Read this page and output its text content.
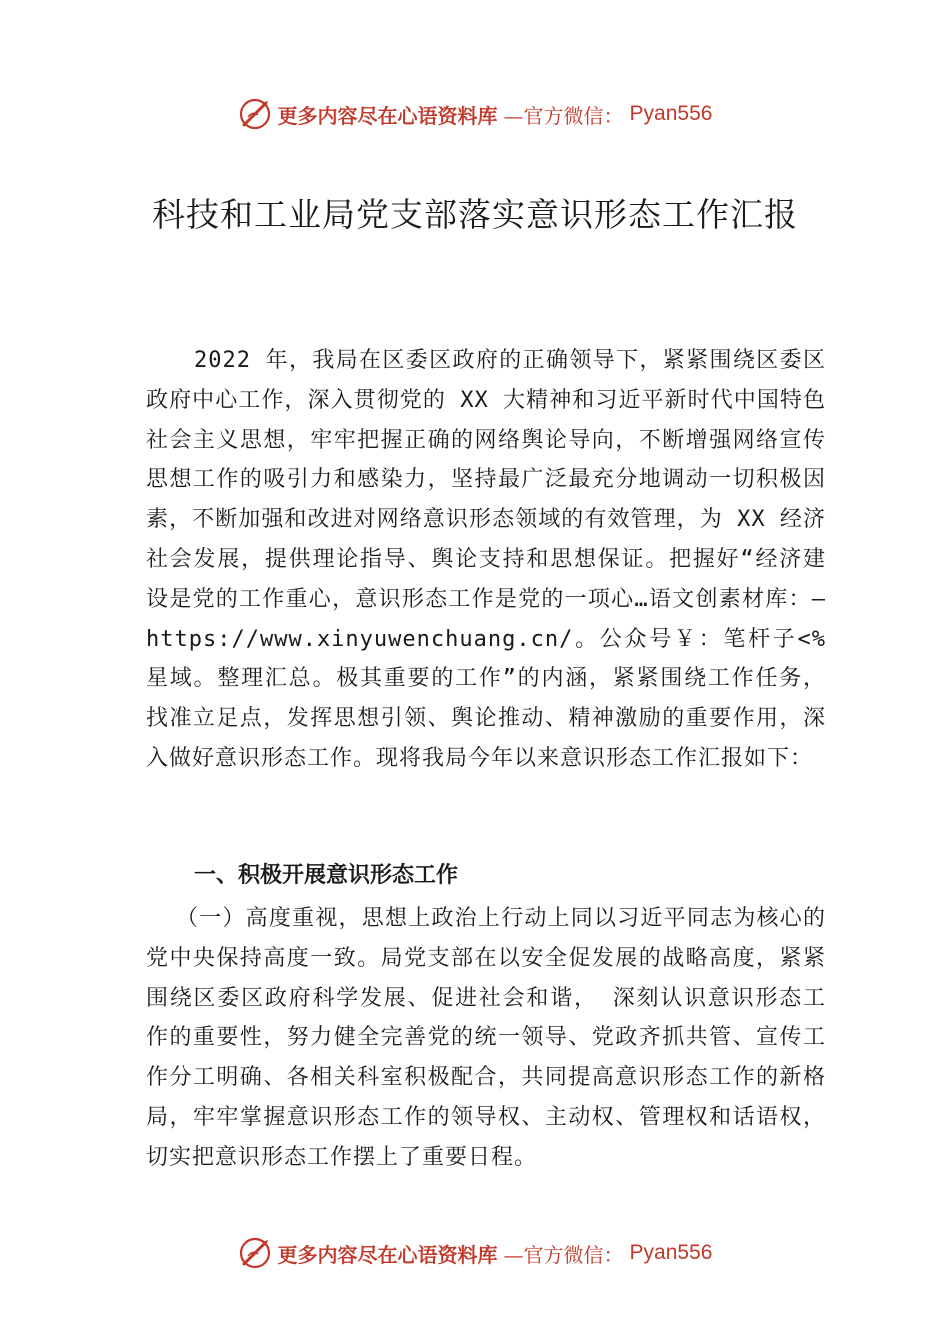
更多内容尽在心语资料库 —官方微信： Pyan556
科技和工业局党支部落实意识形态工作汇报
2022 年，我局在区委区政府的正确领导下，紧紧围绕区委区政府中心工作，深入贯彻党的 XX 大精神和习近平新时代中国特色社会主义思想，牢牢把握正确的网络舆论导向，不断增强网络宣传思想工作的吸引力和感染力，坚持最广泛最充分地调动一切积极因素，不断加强和改进对网络意识形态领域的有效管理，为 XX 经济社会发展，提供理论指导、舆论支持和思想保证。把握好“经济建设是党的工作重心，意识形态工作是党的一项心…语文创素材库：—https://www.xinyuwenchuang.cn/。公众号￥：笔杆子<%星域。整理汇总。极其重要的工作”的内涵，紧紧围绕工作任务，找准立足点，发挥思想引领、舆论推动、精神激励的重要作用，深入做好意识形态工作。现将我局今年以来意识形态工作汇报如下：
一、积极开展意识形态工作
（一）高度重视，思想上政治上行动上同以习近平同志为核心的党中央保持高度一致。局党支部在以安全促发展的战略高度，紧紧围绕区委区政府科学发展、促进社会和谐， 深刻认识意识形态工作的重要性，努力健全完善党的统一领导、党政齐抓共管、宣传工作分工明确、各相关科室积极配合，共同提高意识形态工作的新格局，牢牢掌握意识形态工作的领导权、主动权、管理权和话语权，切实把意识形态工作摆上了重要日程。
更多内容尽在心语资料库 —官方微信： Pyan556
